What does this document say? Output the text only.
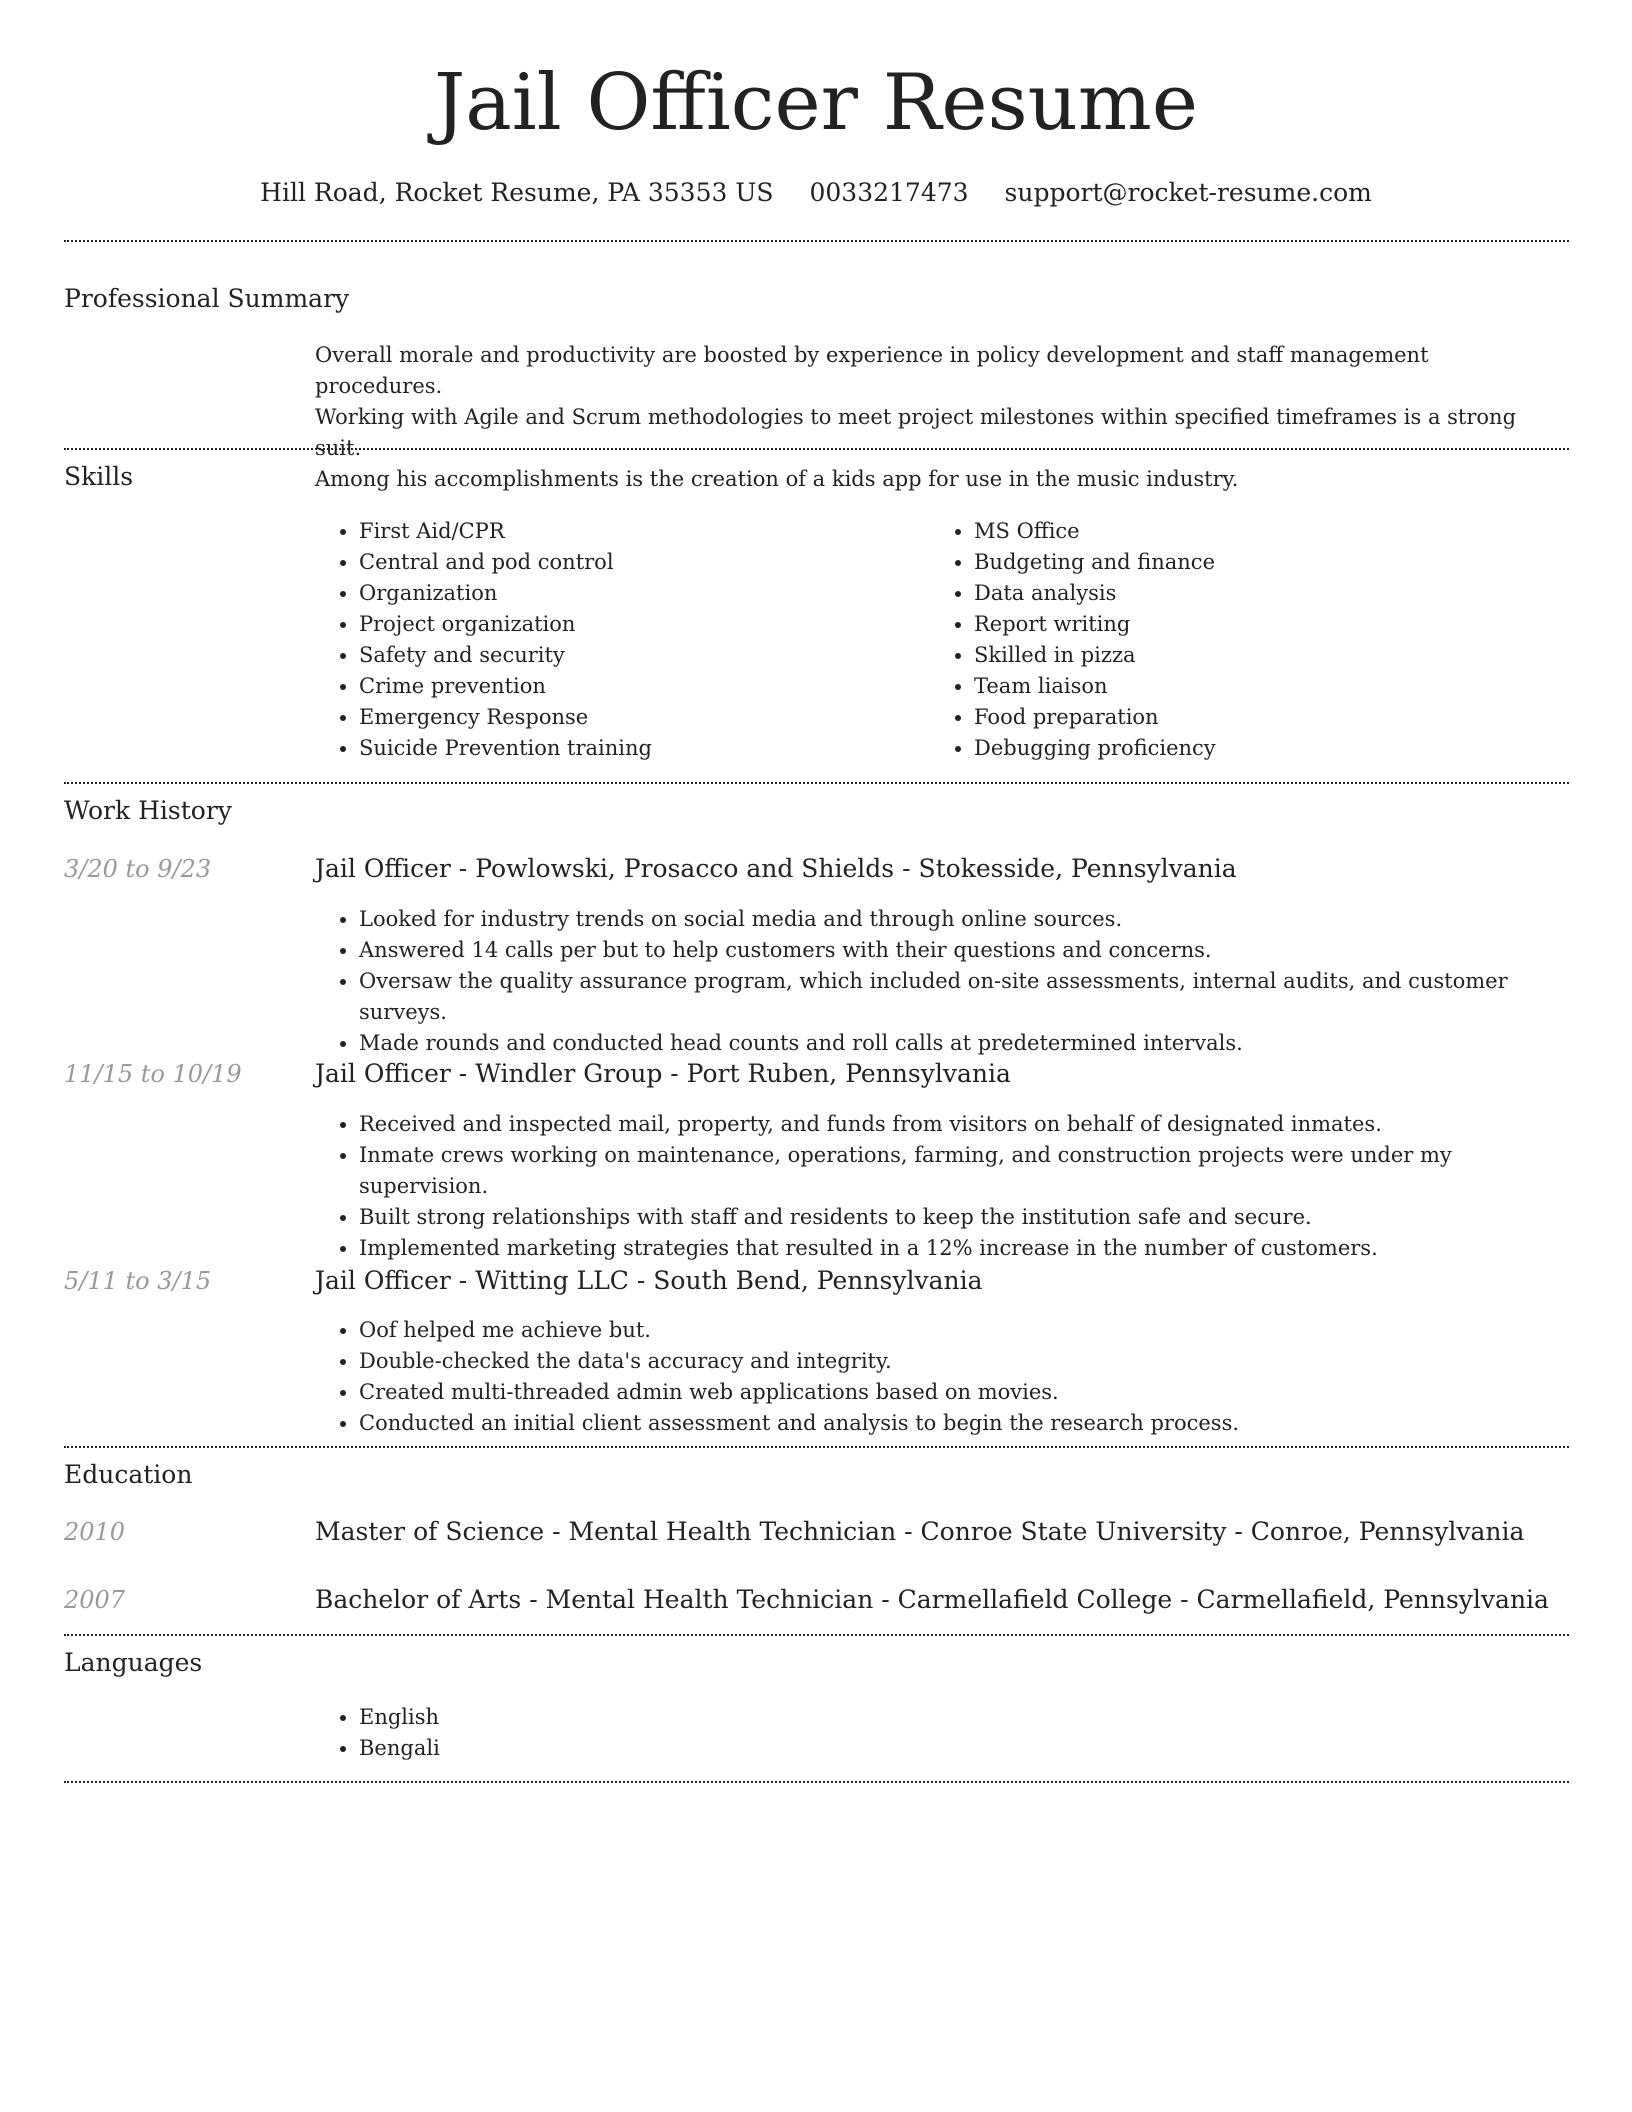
Jail Officer Resume
Hill Road, Rocket Resume, PA 35353 US 0033217473 support@rocket-resume.com
Professional Summary
Overall morale and productivity are boosted by experience in policy development and staff management procedures.
Working with Agile and Scrum methodologies to meet project milestones within specified timeframes is a strong suit.
Among his accomplishments is the creation of a kids app for use in the music industry.
Skills
• First Aid/CPR
• Central and pod control
• Organization
• Project organization
• Safety and security
• Crime prevention
• Emergency Response
• Suicide Prevention training
• MS Office
• Budgeting and finance
• Data analysis
• Report writing
• Skilled in pizza
• Team liaison
• Food preparation
• Debugging proficiency
Work History
3/20 to 9/23	Jail Officer - Powlowski, Prosacco and Shields - Stokesside, Pennsylvania
• Looked for industry trends on social media and through online sources.
• Answered 14 calls per but to help customers with their questions and concerns.
• Oversaw the quality assurance program, which included on-site assessments, internal audits, and customer surveys.
• Made rounds and conducted head counts and roll calls at predetermined intervals.
11/15 to 10/19	Jail Officer - Windler Group - Port Ruben, Pennsylvania
• Received and inspected mail, property, and funds from visitors on behalf of designated inmates.
• Inmate crews working on maintenance, operations, farming, and construction projects were under my supervision.
• Built strong relationships with staff and residents to keep the institution safe and secure.
• Implemented marketing strategies that resulted in a 12% increase in the number of customers.
5/11 to 3/15	Jail Officer - Witting LLC - South Bend, Pennsylvania
• Oof helped me achieve but.
• Double-checked the data's accuracy and integrity.
• Created multi-threaded admin web applications based on movies.
• Conducted an initial client assessment and analysis to begin the research process.
Education
2010	Master of Science - Mental Health Technician - Conroe State University - Conroe, Pennsylvania
2007	Bachelor of Arts - Mental Health Technician - Carmellafield College - Carmellafield, Pennsylvania
Languages
• English
• Bengali
